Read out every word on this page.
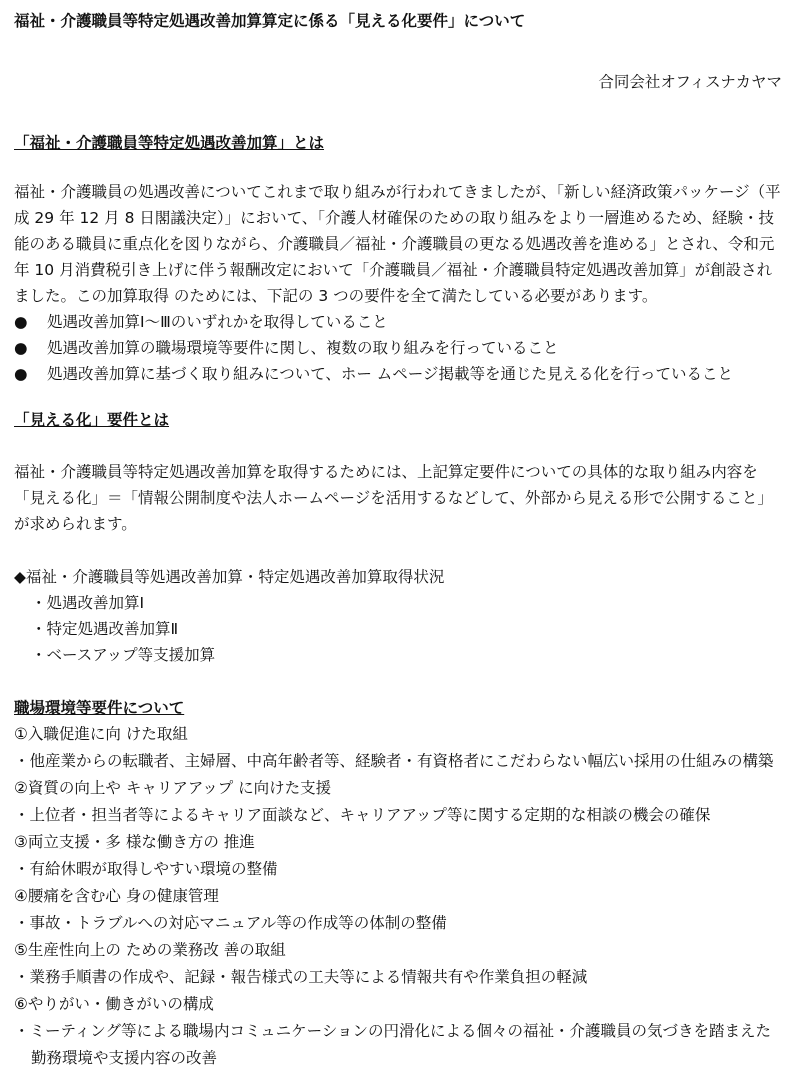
福祉・介護職員等特定処遇改善加算算定に係る「見える化要件」について
合同会社オフィスナカヤマ
「福祉・介護職員等特定処遇改善加算」とは

福祉・介護職員の処遇改善についてこれまで取り組みが行われてきましたが、「新しい経済政策パッケージ（平成 29 年 12 月 8 日閣議決定）」において、「介護人材確保のための取り組みをより一層進めるため、経験・技能のある職員に重点化を図りながら、介護職員／福祉・介護職員の更なる処遇改善を進める」とされ、令和元年 10 月消費税引き上げに伴う報酬改定において「介護職員／福祉・介護職員特定処遇改善加算」が創設されました。この加算取得 のためには、下記の 3 つの要件を全て満たしている必要があります。

●	処遇改善加算Ⅰ～Ⅲのいずれかを取得していること
●	処遇改善加算の職場環境等要件に関し、複数の取り組みを行っていること
●	処遇改善加算に基づく取り組みについて、ホー ムページ掲載等を通じた見える化を行っていること
「見える化」要件とは

福祉・介護職員等特定処遇改善加算を取得するためには、上記算定要件についての具体的な取り組み内容を「見える化」＝「情報公開制度や法人ホームページを活用するなどして、外部から見える形で公開すること」が求められます。

◆福祉・介護職員等処遇改善加算・特定処遇改善加算取得状況
・処遇改善加算Ⅰ
・特定処遇改善加算Ⅱ
・ベースアップ等支援加算
職場環境等要件について
①入職促進に向 けた取組
・他産業からの転職者、主婦層、中高年齢者等、経験者・有資格者にこだわらない幅広い採用の仕組みの構築
②資質の向上や キャリアアップ に向けた支援
・上位者・担当者等によるキャリア面談など、キャリアアップ等に関する定期的な相談の機会の確保
③両立支援・多 様な働き方の 推進
・有給休暇が取得しやすい環境の整備
④腰痛を含む心 身の健康管理
・事故・トラブルへの対応マニュアル等の作成等の体制の整備
⑤生産性向上の ための業務改 善の取組
・業務手順書の作成や、記録・報告様式の工夫等による情報共有や作業負担の軽減
⑥やりがい・働きがいの構成
・ミーティング等による職場内コミュニケーションの円滑化による個々の福祉・介護職員の気づきを踏まえた勤務環境や支援内容の改善
